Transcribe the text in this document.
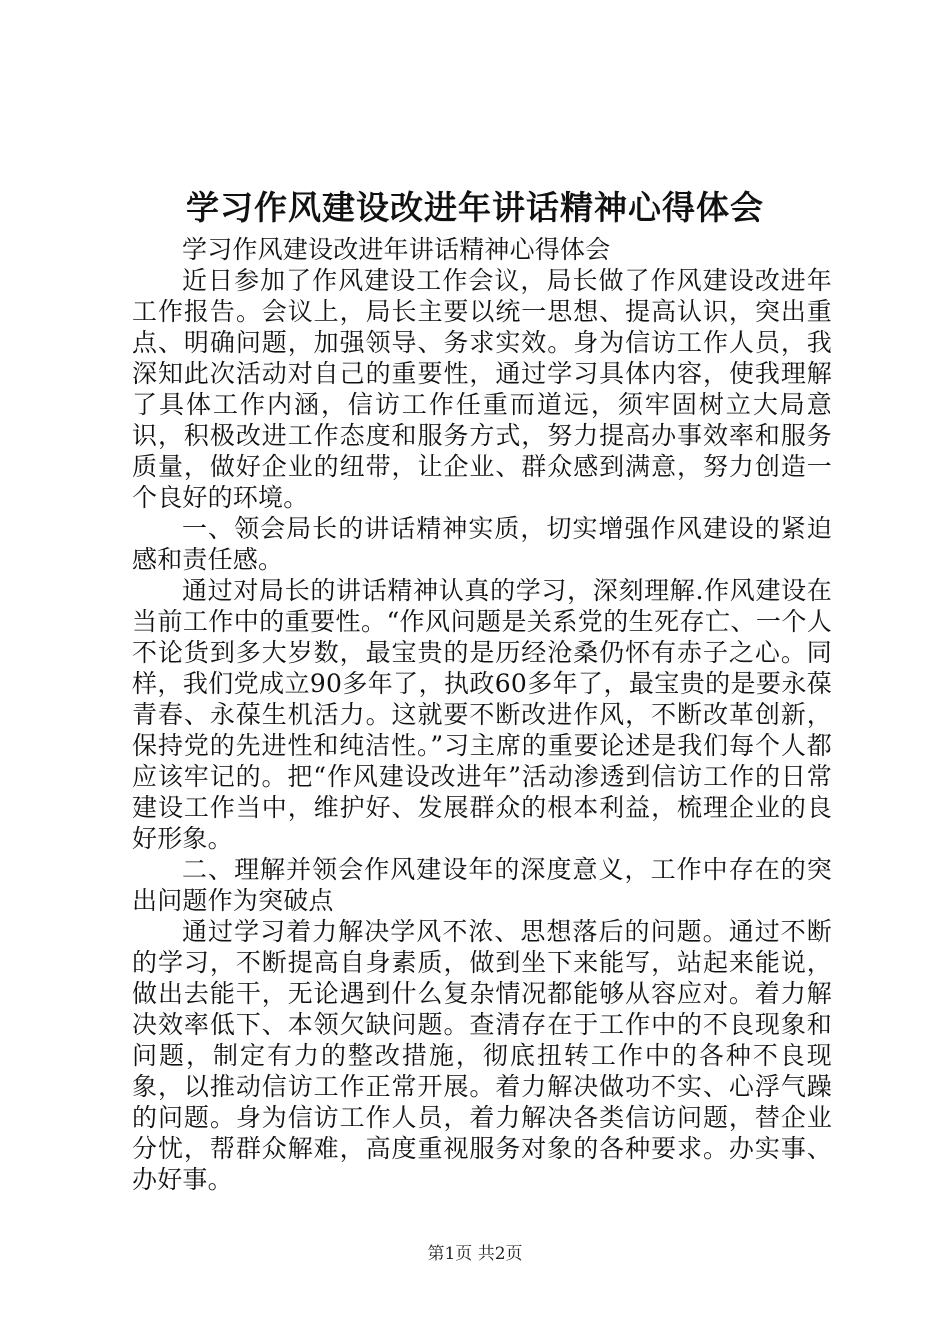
学习作风建设改进年讲话精神心得体会

学习作风建设改进年讲话精神心得体会

近日参加了作风建设工作会议，局长做了作风建设改进年工作报告。会议上，局长主要以统一思想、提高认识，突出重点、明确问题，加强领导、务求实效。身为信访工作人员，我深知此次活动对自己的重要性，通过学习具体内容，使我理解了具体工作内涵，信访工作任重而道远，须牢固树立大局意识，积极改进工作态度和服务方式，努力提高办事效率和服务质量，做好企业的纽带，让企业、群众感到满意，努力创造一个良好的环境。

一、领会局长的讲话精神实质，切实增强作风建设的紧迫感和责任感。

通过对局长的讲话精神认真的学习，深刻理解.作风建设在当前工作中的重要性。“作风问题是关系党的生死存亡、一个人不论货到多大岁数，最宝贵的是历经沧桑仍怀有赤子之心。同样，我们党成立90多年了，执政60多年了，最宝贵的是要永葆青春、永葆生机活力。这就要不断改进作风，不断改革创新，保持党的先进性和纯洁性。”习主席的重要论述是我们每个人都应该牢记的。把“作风建设改进年”活动渗透到信访工作的日常建设工作当中，维护好、发展群众的根本利益，梳理企业的良好形象。

二、理解并领会作风建设年的深度意义，工作中存在的突出问题作为突破点

通过学习着力解决学风不浓、思想落后的问题。通过不断的学习，不断提高自身素质，做到坐下来能写，站起来能说，做出去能干，无论遇到什么复杂情况都能够从容应对。着力解决效率低下、本领欠缺问题。查清存在于工作中的不良现象和问题，制定有力的整改措施，彻底扭转工作中的各种不良现象，以推动信访工作正常开展。着力解决做功不实、心浮气躁的问题。身为信访工作人员，着力解决各类信访问题，替企业分忧，帮群众解难，高度重视服务对象的各种要求。办实事、办好事。

第1页 共2页
